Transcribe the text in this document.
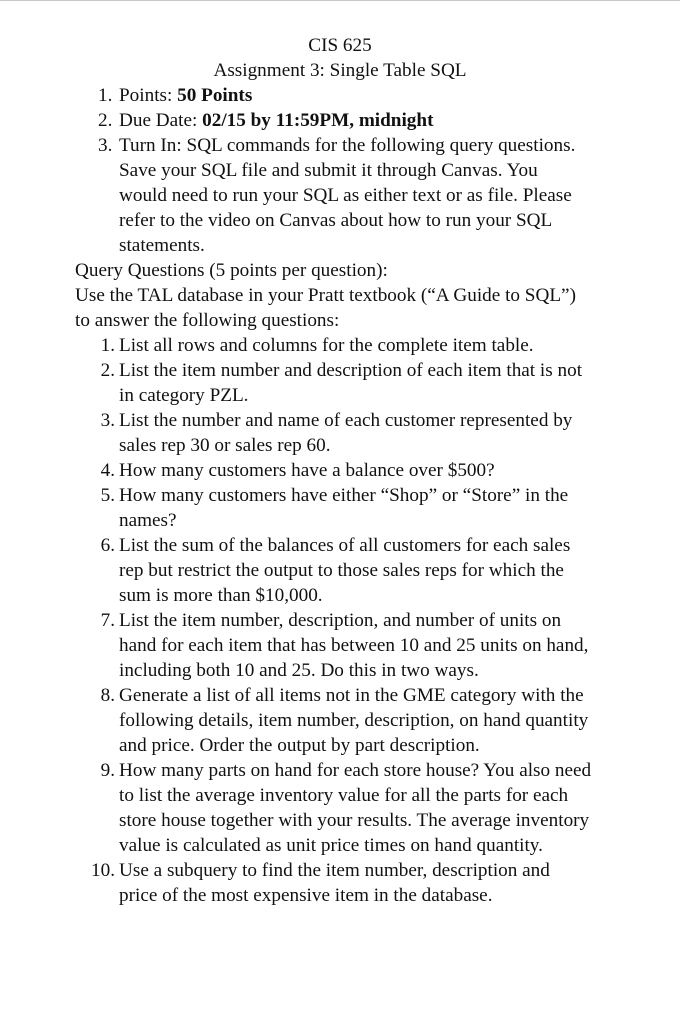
CIS 625
Assignment 3: Single Table SQL
1. Points: 50 Points
2. Due Date: 02/15 by 11:59PM, midnight
3. Turn In: SQL commands for the following query questions. Save your SQL file and submit it through Canvas. You would need to run your SQL as either text or as file. Please refer to the video on Canvas about how to run your SQL statements.
Query Questions (5 points per question):
Use the TAL database in your Pratt textbook (“A Guide to SQL”) to answer the following questions:
1. List all rows and columns for the complete item table.
2. List the item number and description of each item that is not in category PZL.
3. List the number and name of each customer represented by sales rep 30 or sales rep 60.
4. How many customers have a balance over $500?
5. How many customers have either “Shop” or “Store” in the names?
6. List the sum of the balances of all customers for each sales rep but restrict the output to those sales reps for which the sum is more than $10,000.
7. List the item number, description, and number of units on hand for each item that has between 10 and 25 units on hand, including both 10 and 25. Do this in two ways.
8. Generate a list of all items not in the GME category with the following details, item number, description, on hand quantity and price. Order the output by part description.
9. How many parts on hand for each store house? You also need to list the average inventory value for all the parts for each store house together with your results. The average inventory value is calculated as unit price times on hand quantity.
10. Use a subquery to find the item number, description and price of the most expensive item in the database.
